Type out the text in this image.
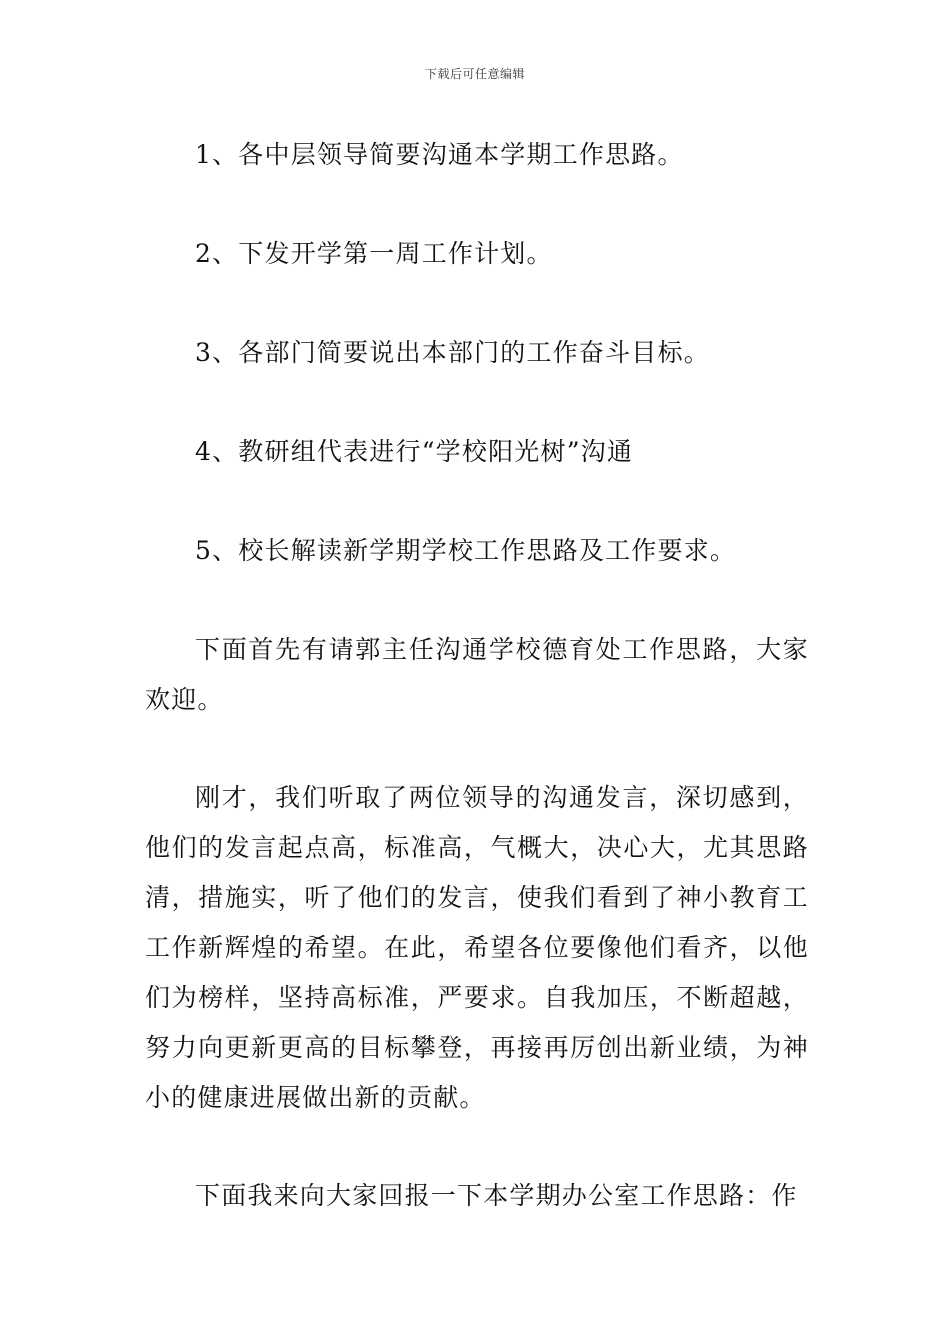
下载后可任意编辑

1、各中层领导简要沟通本学期工作思路。

2、下发开学第一周工作计划。

3、各部门简要说出本部门的工作奋斗目标。

4、教研组代表进行“学校阳光树”沟通

5、校长解读新学期学校工作思路及工作要求。

下面首先有请郭主任沟通学校德育处工作思路，大家欢迎。

刚才，我们听取了两位领导的沟通发言，深切感到，他们的发言起点高，标准高，气概大，决心大，尤其思路清，措施实，听了他们的发言，使我们看到了神小教育工工作新辉煌的希望。在此，希望各位要像他们看齐，以他们为榜样，坚持高标准，严要求。自我加压，不断超越，努力向更新更高的目标攀登，再接再厉创出新业绩，为神小的健康进展做出新的贡献。

下面我来向大家回报一下本学期办公室工作思路：作
